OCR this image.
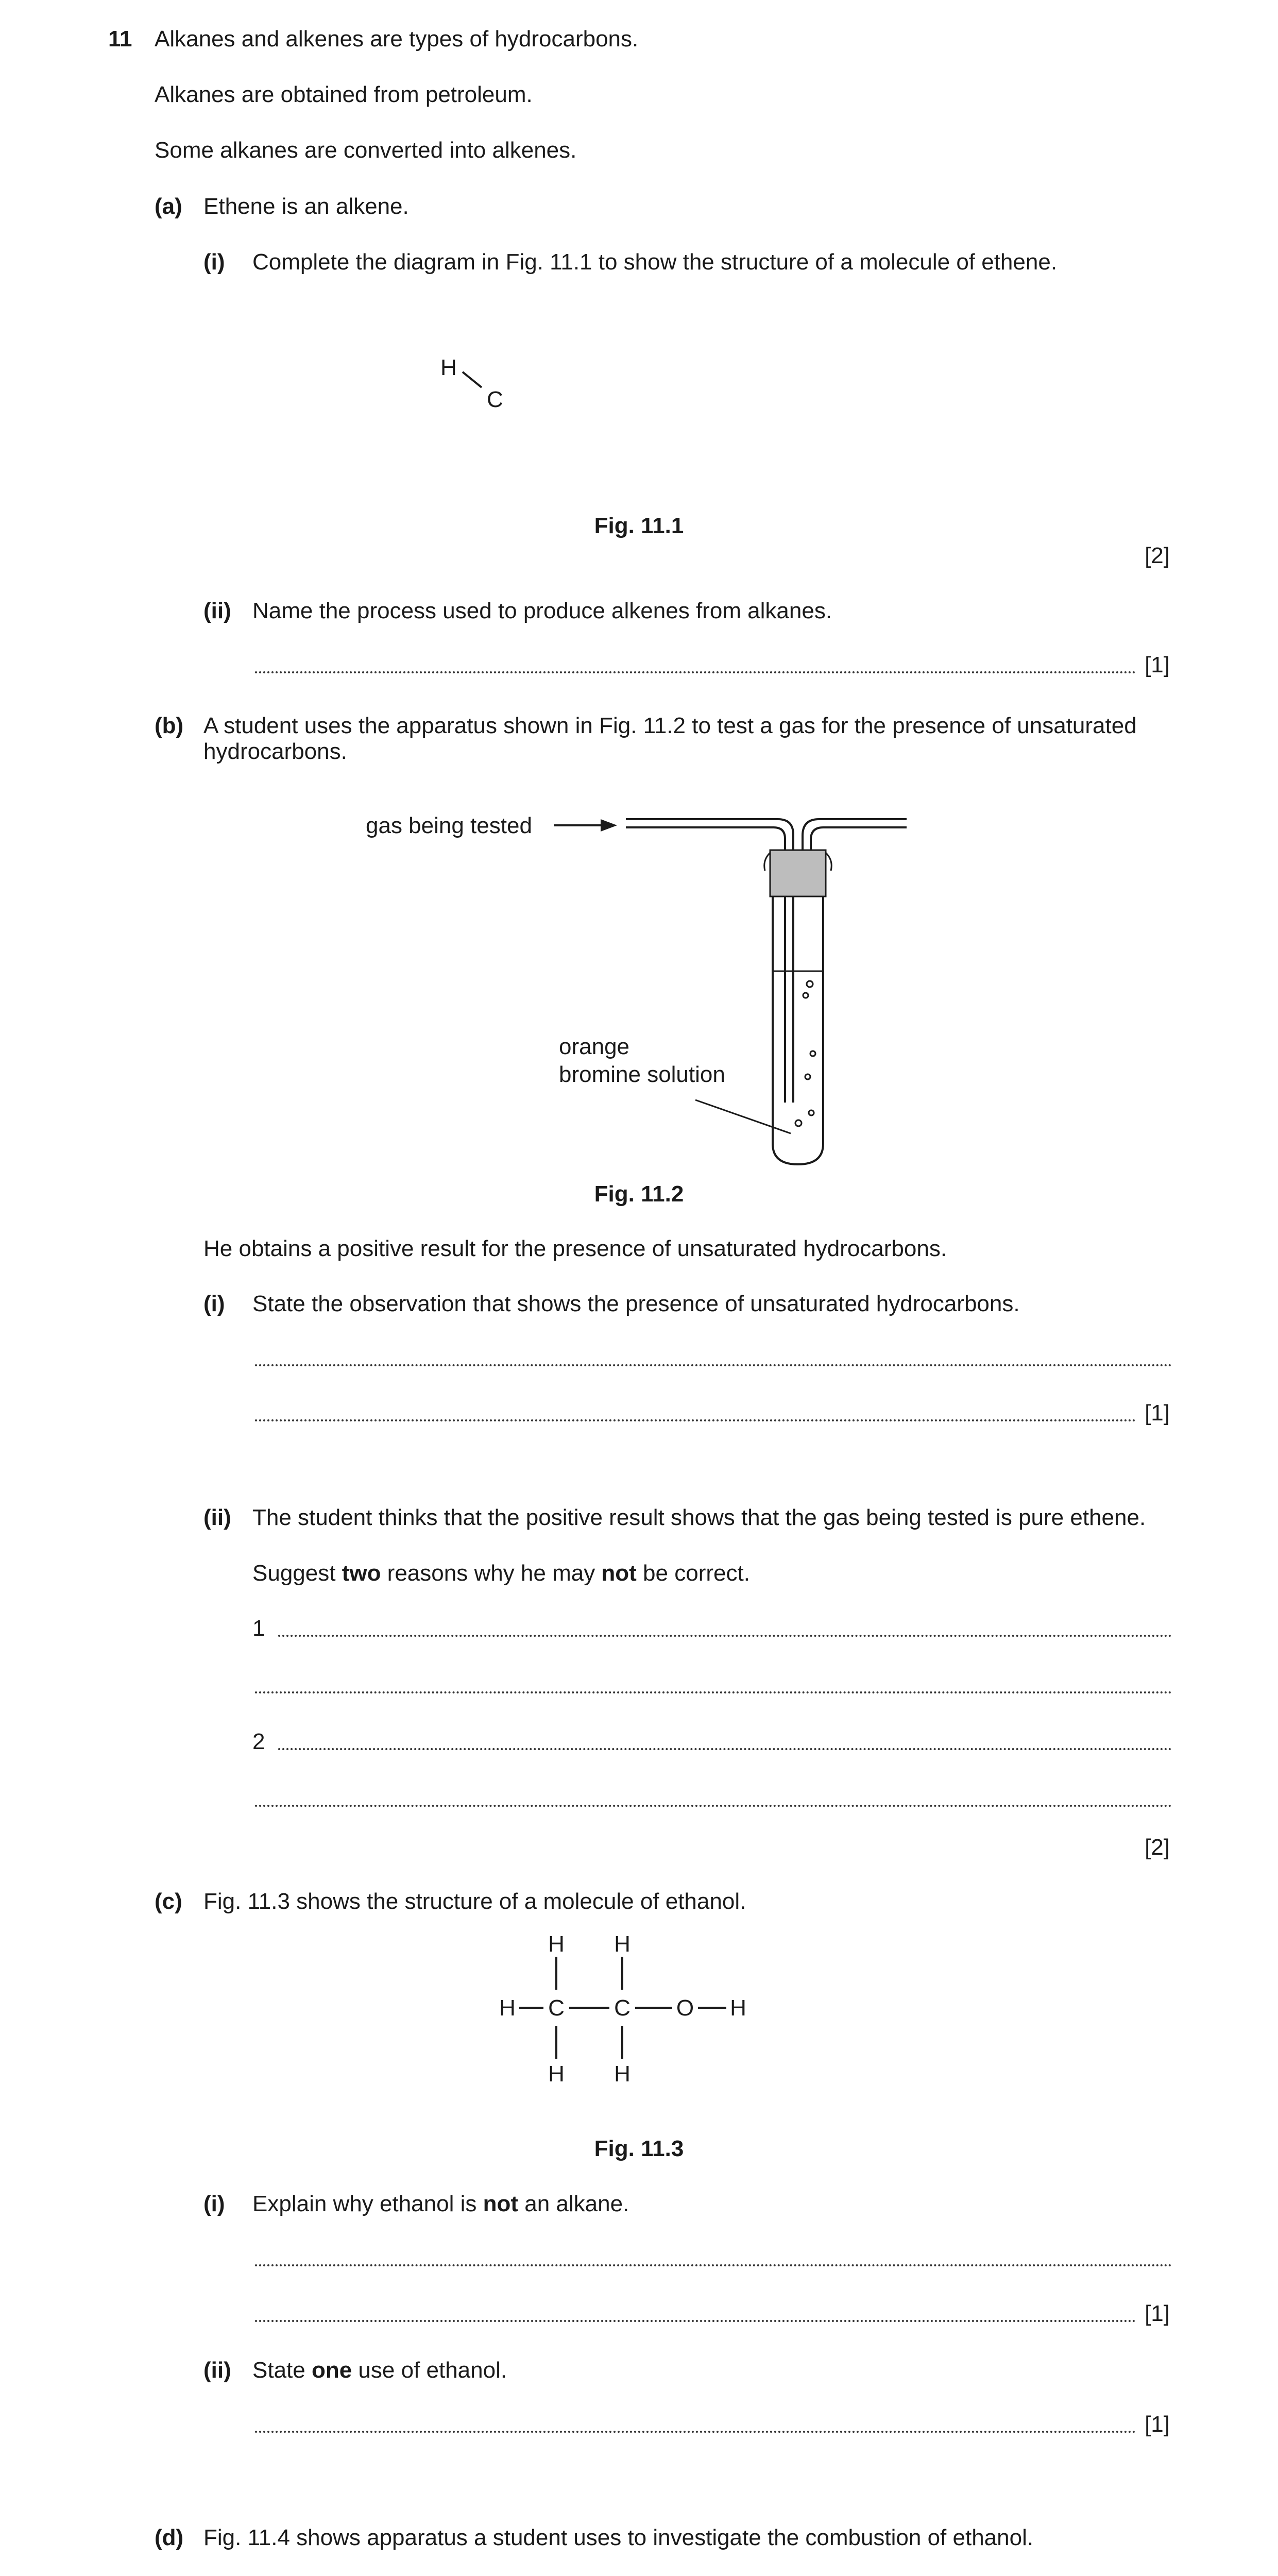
11 Alkanes and alkenes are types of hydrocarbons.
Alkanes are obtained from petroleum.
Some alkanes are converted into alkenes.
(a) Ethene is an alkene.
(i) Complete the diagram in Fig. 11.1 to show the structure of a molecule of ethene.
H
C
Fig. 11.1
[2]
(ii) Name the process used to produce alkenes from alkanes.
[1]
(b) A student uses the apparatus shown in Fig. 11.2 to test a gas for the presence of unsaturated
hydrocarbons.
gas being tested
orange
bromine solution
Fig. 11.2
He obtains a positive result for the presence of unsaturated hydrocarbons.
(i) State the observation that shows the presence of unsaturated hydrocarbons.
[1]
(ii) The student thinks that the positive result shows that the gas being tested is pure ethene.
Suggest two reasons why he may not be correct.
1
2
[2]
(c) Fig. 11.3 shows the structure of a molecule of ethanol.
H H
H C C O H
H H
Fig. 11.3
(i) Explain why ethanol is not an alkane.
[1]
(ii) State one use of ethanol.
[1]
(d) Fig. 11.4 shows apparatus a student uses to investigate the combustion of ethanol.
